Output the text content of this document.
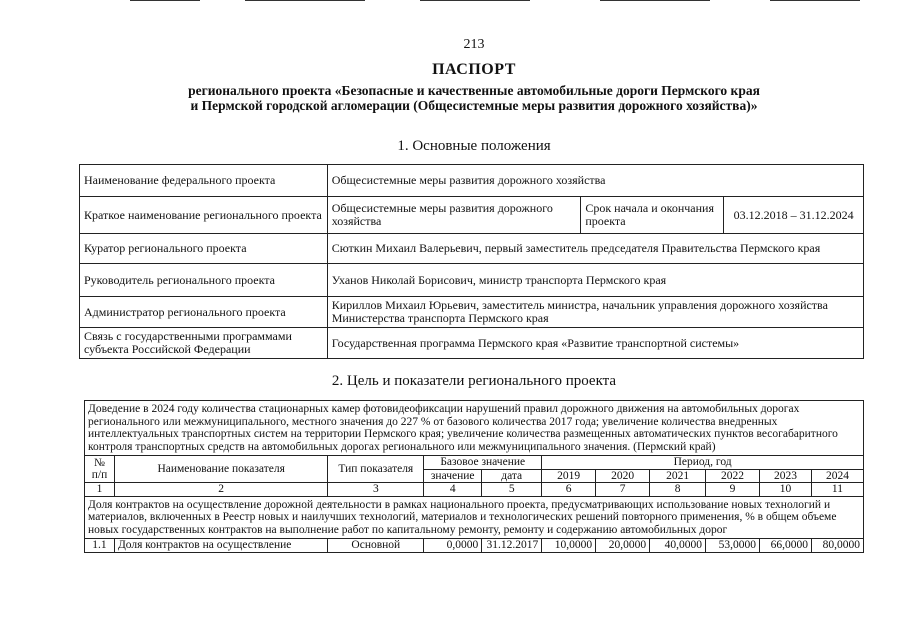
213
ПАСПОРТ
регионального проекта «Безопасные и качественные автомобильные дороги Пермского края
и Пермской городской агломерации (Общесистемные меры развития дорожного хозяйства)»
1. Основные положения
Наименование федерального проекта	Общесистемные меры развития дорожного хозяйства		
Краткое наименование регионального проекта	Общесистемные меры развития дорожного хозяйства	Срок начала и окончания проекта	03.12.2018 – 31.12.2024
Куратор регионального проекта	Сюткин Михаил Валерьевич, первый заместитель председателя Правительства Пермского края		
Руководитель регионального проекта	Уханов Николай Борисович, министр транспорта Пермского края		
Администратор регионального проекта	Кириллов Михаил Юрьевич, заместитель министра, начальник управления дорожного хозяйства Министерства транспорта Пермского края		
Связь с государственными программами субъекта Российской Федерации	Государственная программа Пермского края «Развитие транспортной системы»		
2. Цель и показатели регионального проекта
Доведение в 2024 году количества стационарных камер фотовидеофиксации нарушений правил дорожного движения на автомобильных дорогах регионального или межмуниципального, местного значения до 227 % от базового количества 2017 года; увеличение количества внедренных интеллектуальных транспортных систем на территории Пермского края; увеличение количества размещенных автоматических пунктов весогабаритного контроля транспортных средств на автомобильных дорогах регионального или межмуниципального значения. (Пермский край)										
№ п/п	Наименование показателя	Тип показателя	Базовое значение		Период, год					
			значение	дата	2019	2020	2021	2022	2023	2024
1	2	3	4	5	6	7	8	9	10	11
Доля контрактов на осуществление дорожной деятельности в рамках национального проекта, предусматривающих использование новых технологий и материалов, включенных в Реестр новых и наилучших технологий, материалов и технологических решений повторного применения, % в общем объеме новых государственных контрактов на выполнение работ по капитальному ремонту, ремонту и содержанию автомобильных дорог										
1.1	Доля контрактов на осуществление	Основной	0,0000	31.12.2017	10,0000	20,0000	40,0000	53,0000	66,0000	80,0000
